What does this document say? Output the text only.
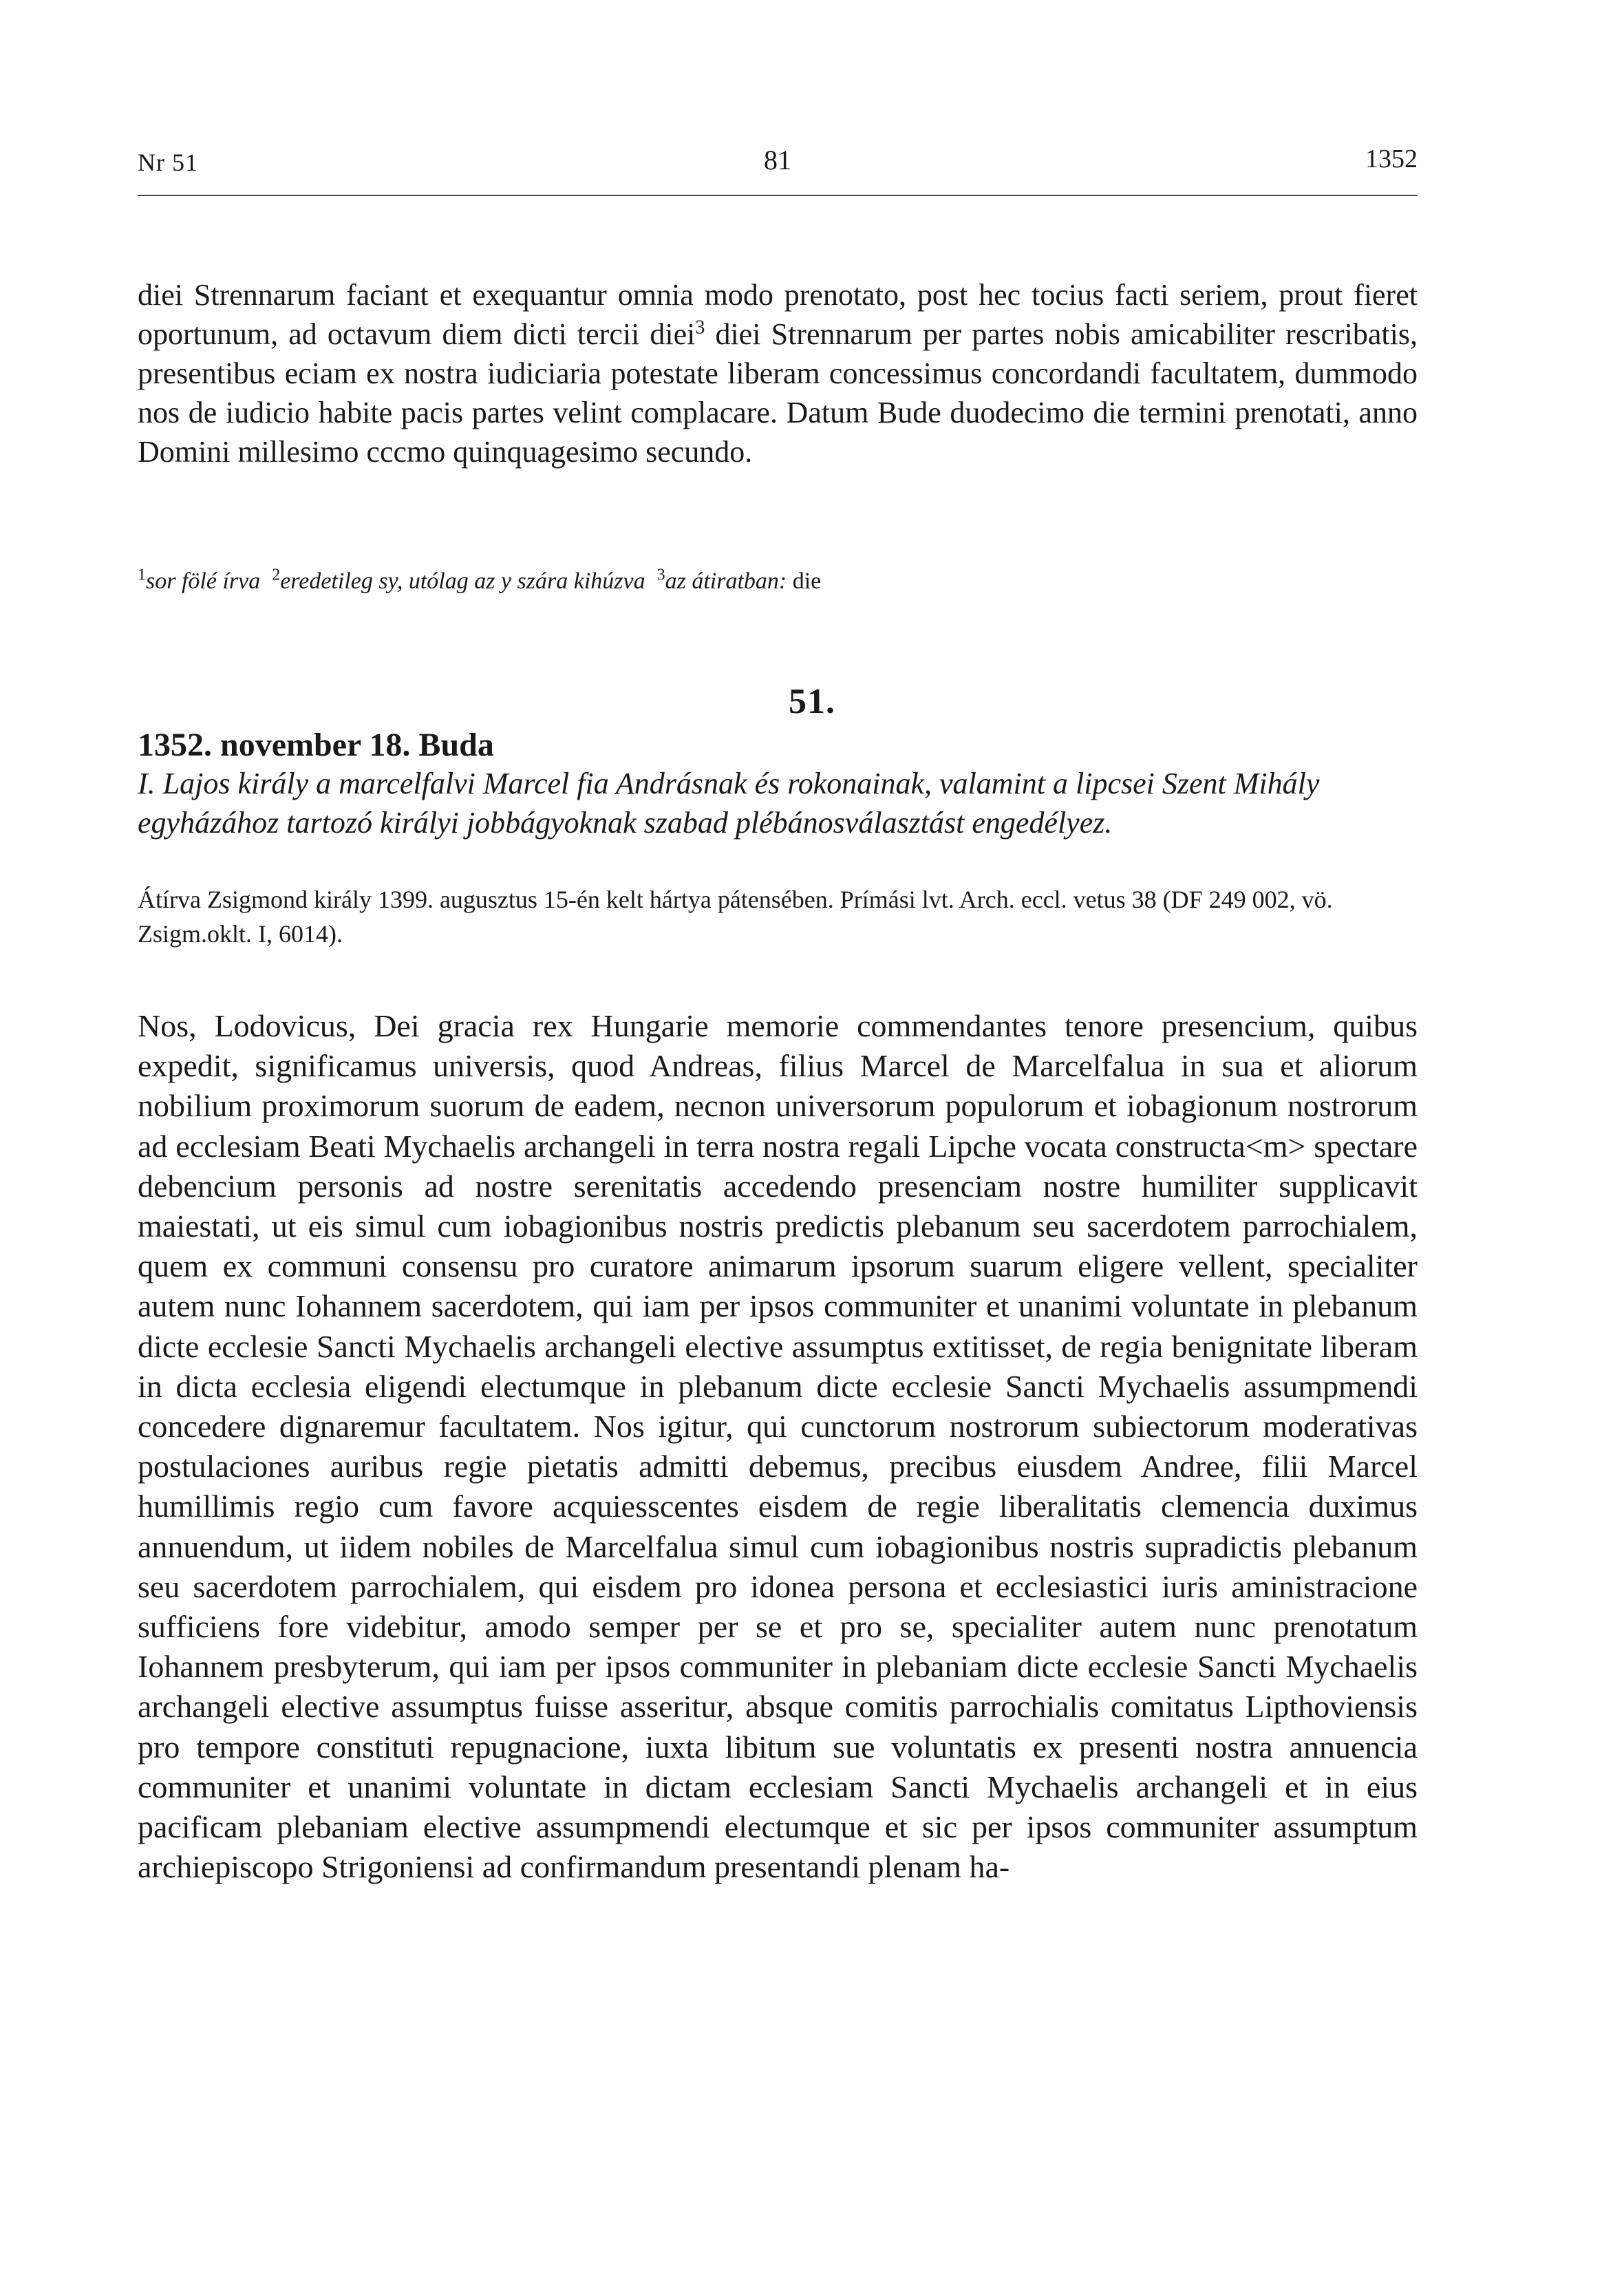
Nr 51	81	1352

diei Strennarum faciant et exequantur omnia modo prenotato, post hec tocius facti seriem, prout fieret oportunum, ad octavum diem dicti tercii diei$^3$ diei Strennarum per partes nobis amicabiliter rescribatis, presentibus eciam ex nostra iudiciaria potestate liberam concessimus concordandi facultatem, dummodo nos de iudicio habite pacis partes velint complacare. Datum Bude duodecimo die termini prenotati, anno Domini millesimo cccmo quinquagesimo secundo.

$^1$sor fölé írva $^2$eredetileg sy, utólag az y szára kihúzva $^3$az átiratban: die

51.
1352. november 18. Buda

I. Lajos király a marcelfalvi Marcel fia Andrásnak és rokonainak, valamint a lipcsei Szent Mihály egyházához tartozó királyi jobbágyoknak szabad plébánosválasztást engedélyez.

Átírva Zsigmond király 1399. augusztus 15-én kelt hártya pátensében. Prímási lvt. Arch. eccl. vetus 38 (DF 249 002, vö. Zsigm.oklt. I, 6014).

Nos, Lodovicus, Dei gracia rex Hungarie memorie commendantes tenore presencium, quibus expedit, significamus universis, quod Andreas, filius Marcel de Marcelfalua in sua et aliorum nobilium proximorum suorum de eadem, necnon universorum populorum et iobagionum nostrorum ad ecclesiam Beati Mychaelis archangeli in terra nostra regali Lipche vocata constructa<m> spectare debencium personis ad nostre serenitatis accedendo presenciam nostre humiliter supplicavit maiestati, ut eis simul cum iobagionibus nostris predictis plebanum seu sacerdotem parrochialem, quem ex communi consensu pro curatore animarum ipsorum suarum eligere vellent, specialiter autem nunc Iohannem sacerdotem, qui iam per ipsos communiter et unanimi voluntate in plebanum dicte ecclesie Sancti Mychaelis archangeli elective assumptus extitisset, de regia benignitate liberam in dicta ecclesia eligendi electumque in plebanum dicte ecclesie Sancti Mychaelis assumpmendi concedere dignaremur facultatem. Nos igitur, qui cunctorum nostrorum subiectorum moderativas postulaciones auribus regie pietatis admitti debemus, precibus eiusdem Andree, filii Marcel humillimis regio cum favore acquiesscentes eisdem de regie liberalitatis clemencia duximus annuendum, ut iidem nobiles de Marcelfalua simul cum iobagionibus nostris supradictis plebanum seu sacerdotem parrochialem, qui eisdem pro idonea persona et ecclesiastici iuris aministracione sufficiens fore videbitur, amodo semper per se et pro se, specialiter autem nunc prenotatum Iohannem presbyterum, qui iam per ipsos communiter in plebaniam dicte ecclesie Sancti Mychaelis archangeli elective assumptus fuisse asseritur, absque comitis parrochialis comitatus Lipthoviensis pro tempore constituti repugnacione, iuxta libitum sue voluntatis ex presenti nostra annuencia communiter et unanimi voluntate in dictam ecclesiam Sancti Mychaelis archangeli et in eius pacificam plebaniam elective assumpmendi electumque et sic per ipsos communiter assumptum archiepiscopo Strigoniensi ad confirmandum presentandi plenam ha-
